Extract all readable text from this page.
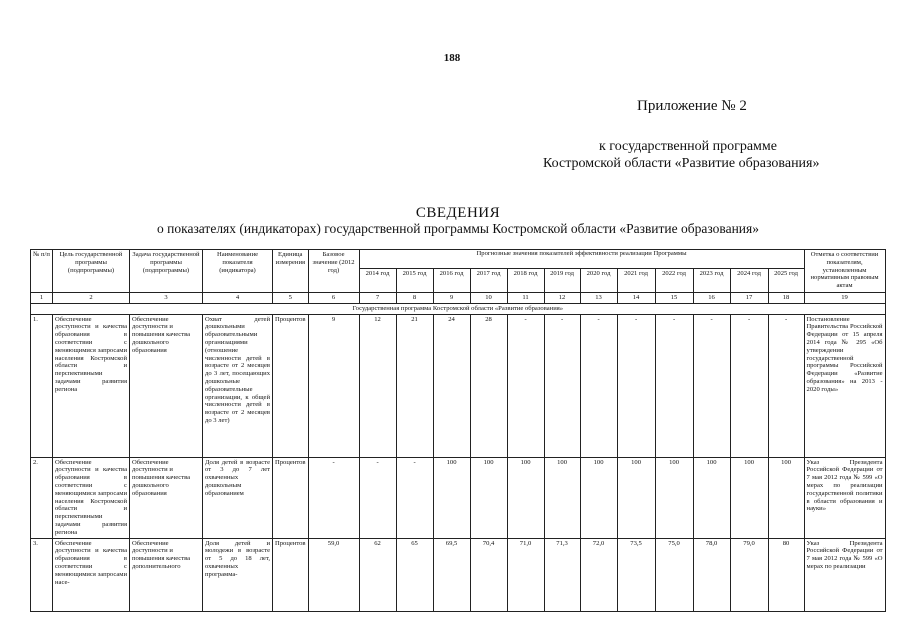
188
Приложение № 2
к государственной программе
Костромской области «Развитие образования»
СВЕДЕНИЯ
о показателях (индикаторах) государственной программы Костромской области «Развитие образования»
№ п/п	Цель государственной программы (подпрограммы)	Задача государственной программы (подпрограммы)	Наименование показателя (индикатора)	Единица измерения	Базовое значение (2012 год)	Прогнозные значения показателей эффективности реализации Программы												Отметка о соответствии показателям, установленным нормативным правовым актам
						2014 год	2015 год	2016 год	2017 год	2018 год	2019 год	2020 год	2021 год	2022 год	2023 год	2024 год	2025 год	
1	2	3	4	5	6	7	8	9	10	11	12	13	14	15	16	17	18	19
Государственная программа Костромской области «Развитие образования»																		
1.	Обеспечение доступности и качества образования в соответствии с меняющимися запросами населения Костромской области и перспективными задачами развития региона	Обеспечение доступности и повышения качества дошкольного образования	Охват детей дошкольными образовательными организациями (отношение численности детей в возрасте от 2 месяцев до 3 лет, посещающих дошкольные образовательные организации, к общей численности детей в возрасте от 2 месяцев до 3 лет)	Процентов	9	12	21	24	28	-	-	-	-	-	-	-	-	Постановление Правительства Российской Федерации от 15 апреля 2014 года № 295 «Об утверждении государственной программы Российской Федерации «Развитие образования» на 2013 - 2020 годы»
2.	Обеспечение доступности и качества образования в соответствии с меняющимися запросами населения Костромской области и перспективными задачами развития региона	Обеспечение доступности и повышения качества дошкольного образования	Доля детей в возрасте от 3 до 7 лет охваченных дошкольным образованием	Процентов	-	-	-	100	100	100	100	100	100	100	100	100	100	Указ Президента Российской Федерации от 7 мая 2012 года № 599 «О мерах по реализации государственной политики в области образования и науки»
3.	Обеспечение доступности и качества образования в соответствии с меняющимися запросами насе-	Обеспечение доступности и повышения качества дополнительного	Доля детей и молодежи в возрасте от 5 до 18 лет, охваченных программа-	Процентов	59,0	62	65	69,5	70,4	71,0	71,3	72,0	73,5	75,0	78,0	79,0	80	Указ Президента Российской Федерации от 7 мая 2012 года № 599 «О мерах по реализации
